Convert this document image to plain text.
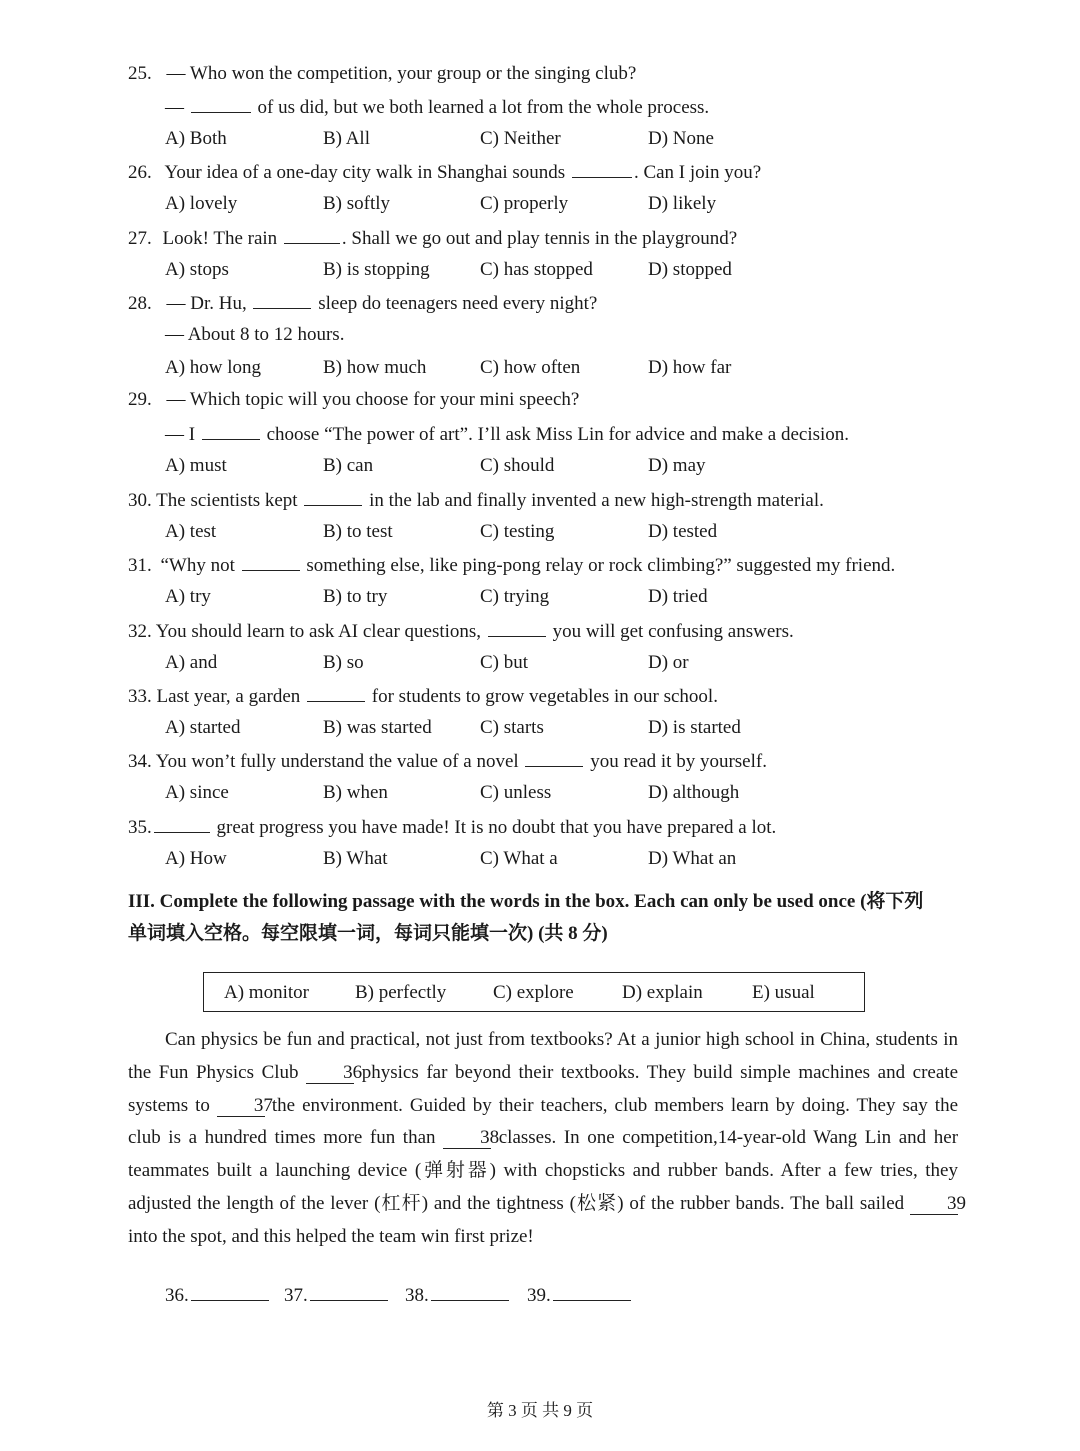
25. — Who won the competition, your group or the singing club?
—	of us did, but we both learned a lot from the whole process.
A) Both	B) All	C) Neither	D) None
26. Your idea of a one-day city walk in Shanghai sounds	. Can I join you?
A) lovely	B) softly	C) properly	D) likely
27. Look! The rain	. Shall we go out and play tennis in the playground?
A) stops	B) is stopping	C) has stopped	D) stopped
28. — Dr. Hu,	sleep do teenagers need every night?
— About 8 to 12 hours.
A) how long	B) how much	C) how often	D) how far
29. — Which topic will you choose for your mini speech?
— I	choose “The power of art”. I’ll ask Miss Lin for advice and make a decision.
A) must	B) can	C) should	D) may
30. The scientists kept	in the lab and finally invented a new high-strength material.
A) test	B) to test	C) testing	D) tested
31. “Why not	something else, like ping-pong relay or rock climbing?” suggested my friend.
A) try	B) to try	C) trying	D) tried
32. You should learn to ask AI clear questions,	you will get confusing answers.
A) and	B) so	C) but	D) or
33. Last year, a garden	for students to grow vegetables in our school.
A) started	B) was started	C) starts	D) is started
34. You won’t fully understand the value of a novel	you read it by yourself.
A) since	B) when	C) unless	D) although
35.	great progress you have made! It is no doubt that you have prepared a lot.
A) How	B) What	C) What a	D) What an
III. Complete the following passage with the words in the box. Each can only be used once (将下列
单词填入空格。每空限填一词，每词只能填一次) (共 8 分)
A) monitor B) perfectly C) explore	D) explain	E) usual

Can physics be fun and practical, not just from textbooks? At a junior high school in China, students in the Fun Physics Club 36 physics far beyond their textbooks. They build simple machines and create systems to 37 the environment. Guided by their teachers, club members learn by doing. They say the club is a hundred times more fun than 38 classes. In one competition,14-year-old Wang Lin and her teammates built a launching device (弹射器) with chopsticks and rubber bands. After a few tries, they adjusted the length of the lever (杠杆) and the tightness (松紧) of the rubber bands. The ball sailed 39 into the spot, and this helped the team win first prize!

36.	37.	38.	39.
第 3 页 共 9 页
